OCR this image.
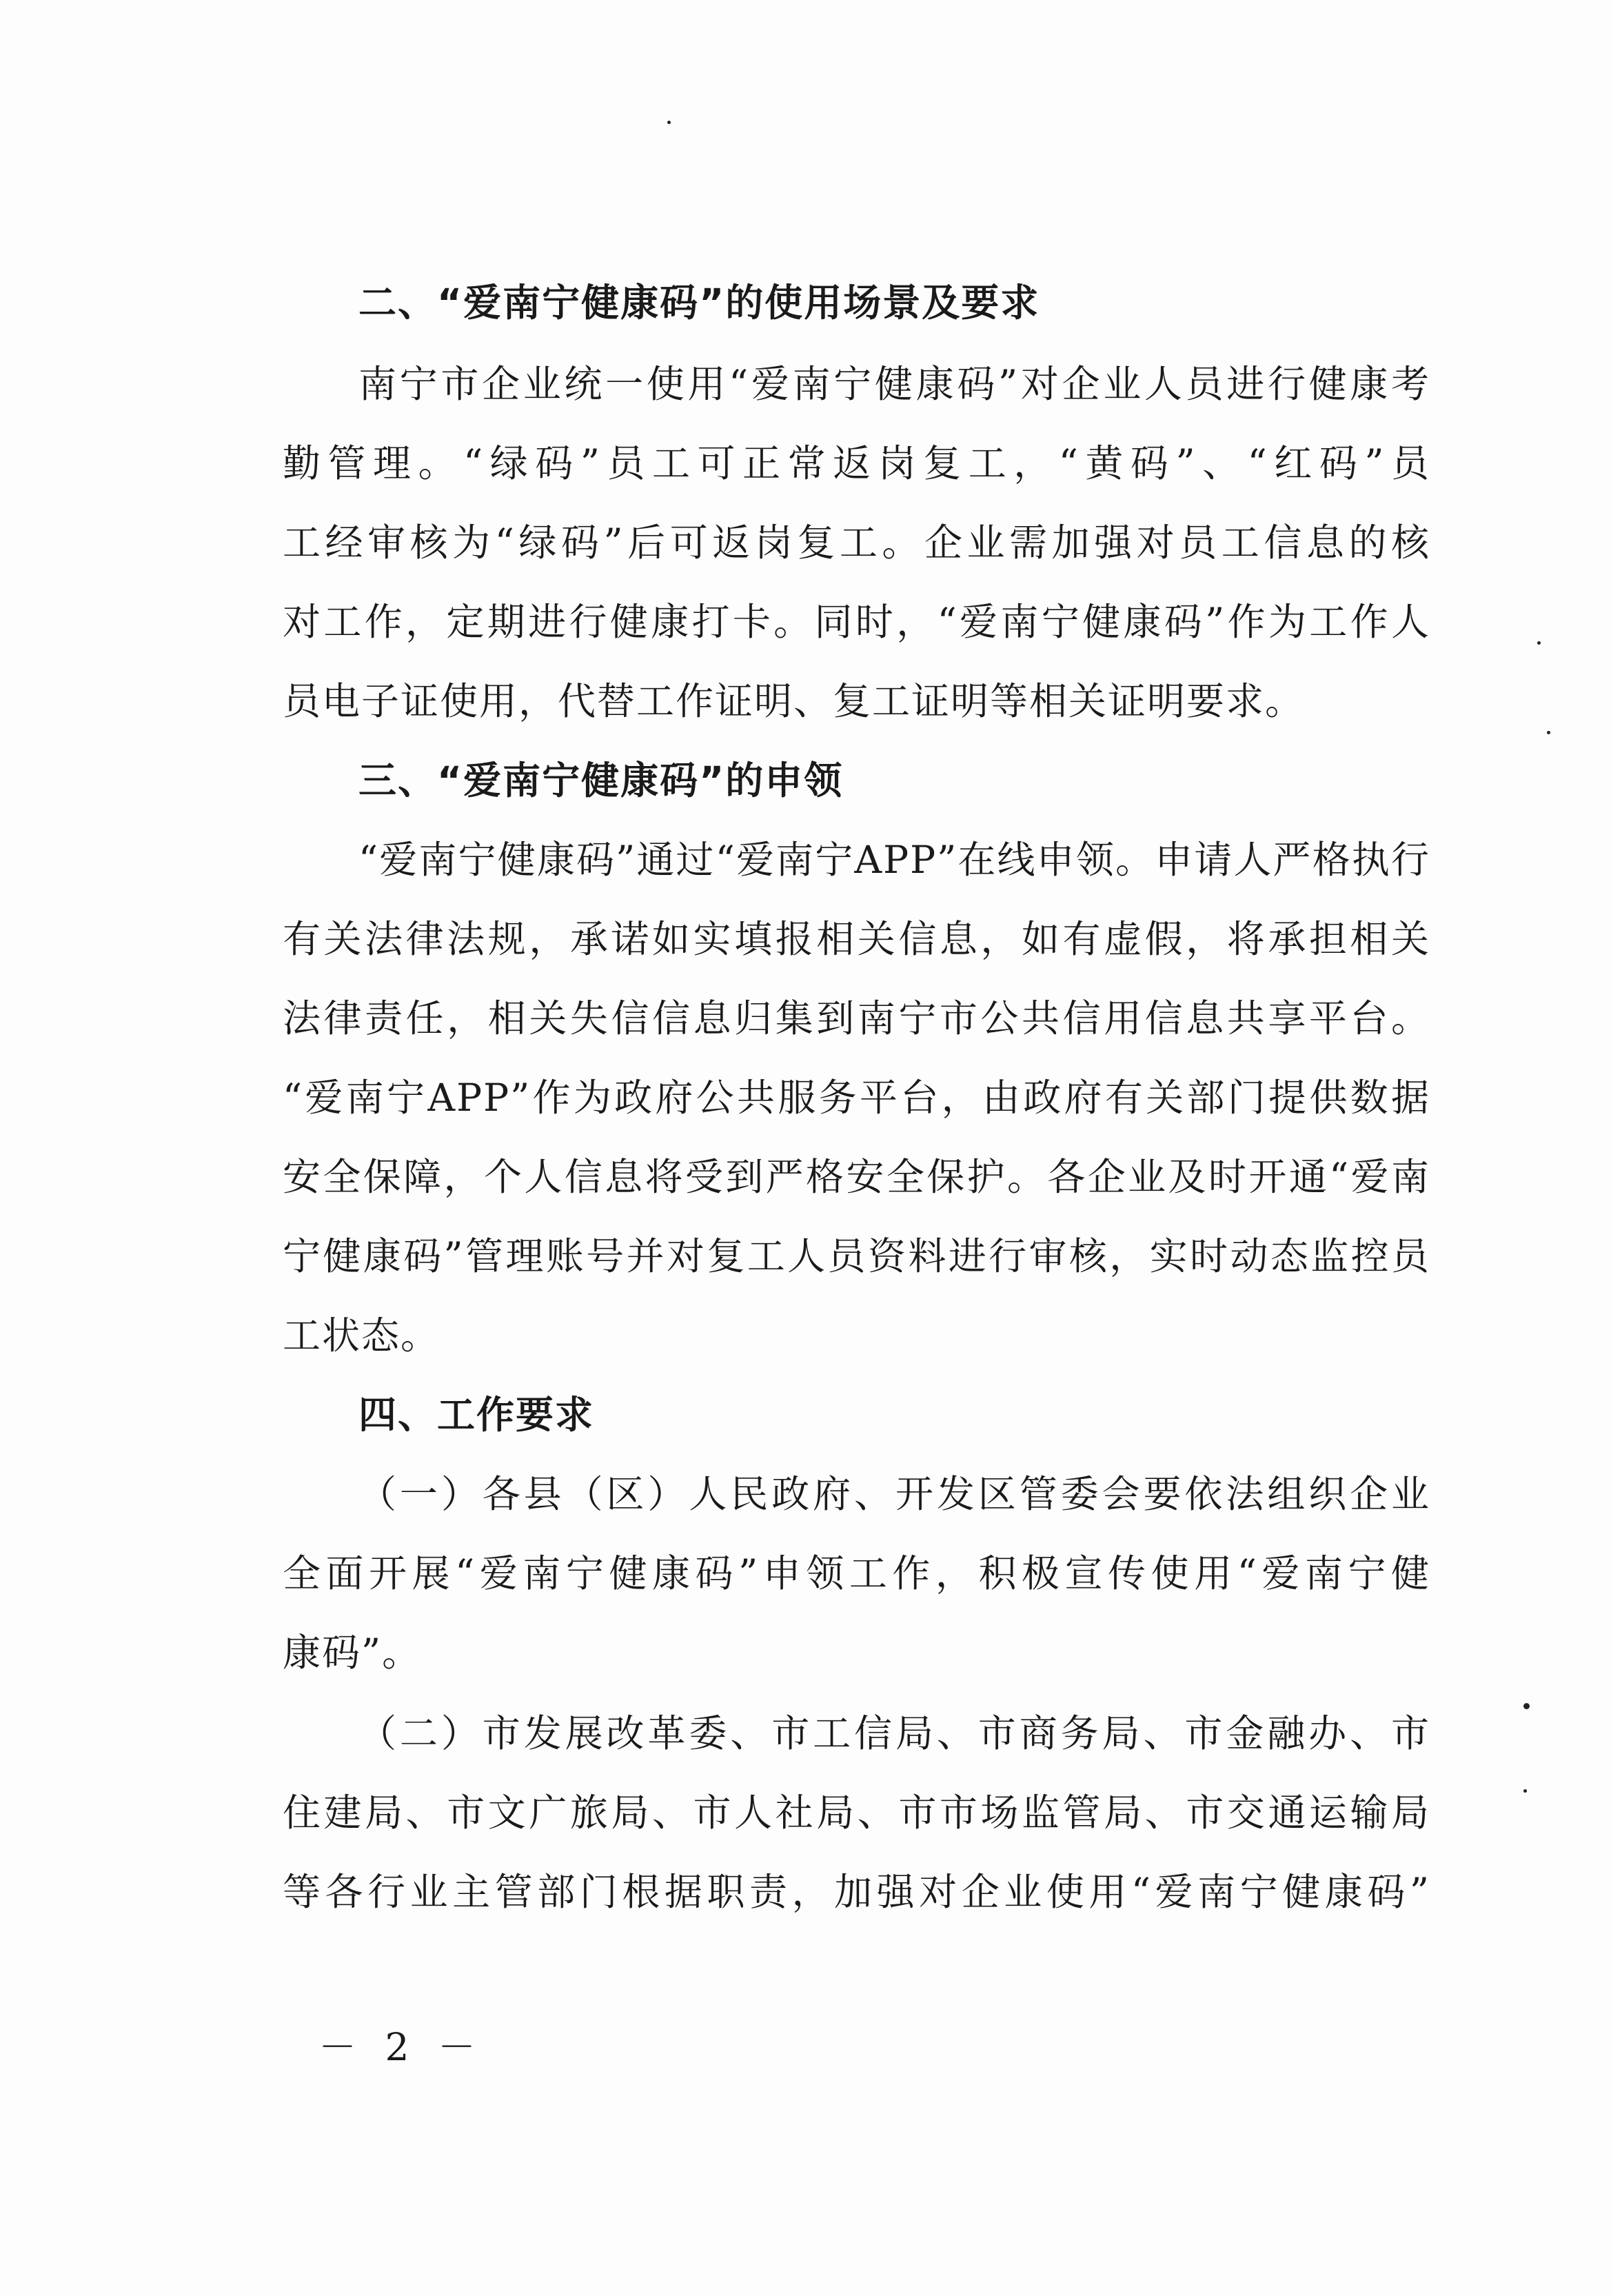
二、“爱南宁健康码”的使用场景及要求
南宁市企业统一使用“爱南宁健康码”对企业人员进行健康考
勤管理。“绿码”员工可正常返岗复工，“黄码”、“红码”员
工经审核为“绿码”后可返岗复工。企业需加强对员工信息的核
对工作，定期进行健康打卡。同时，“爱南宁健康码”作为工作人
员电子证使用，代替工作证明、复工证明等相关证明要求。
三、“爱南宁健康码”的申领
“爱南宁健康码”通过“爱南宁APP”在线申领。申请人严格执行
有关法律法规，承诺如实填报相关信息，如有虚假，将承担相关
法律责任，相关失信信息归集到南宁市公共信用信息共享平台。
“爱南宁APP”作为政府公共服务平台，由政府有关部门提供数据
安全保障，个人信息将受到严格安全保护。各企业及时开通“爱南
宁健康码”管理账号并对复工人员资料进行审核，实时动态监控员
工状态。
四、工作要求
（一）各县（区）人民政府、开发区管委会要依法组织企业
全面开展“爱南宁健康码”申领工作，积极宣传使用“爱南宁健
康码”。
（二）市发展改革委、市工信局、市商务局、市金融办、市
住建局、市文广旅局、市人社局、市市场监管局、市交通运输局
等各行业主管部门根据职责，加强对企业使用“爱南宁健康码”
－ 2 －
